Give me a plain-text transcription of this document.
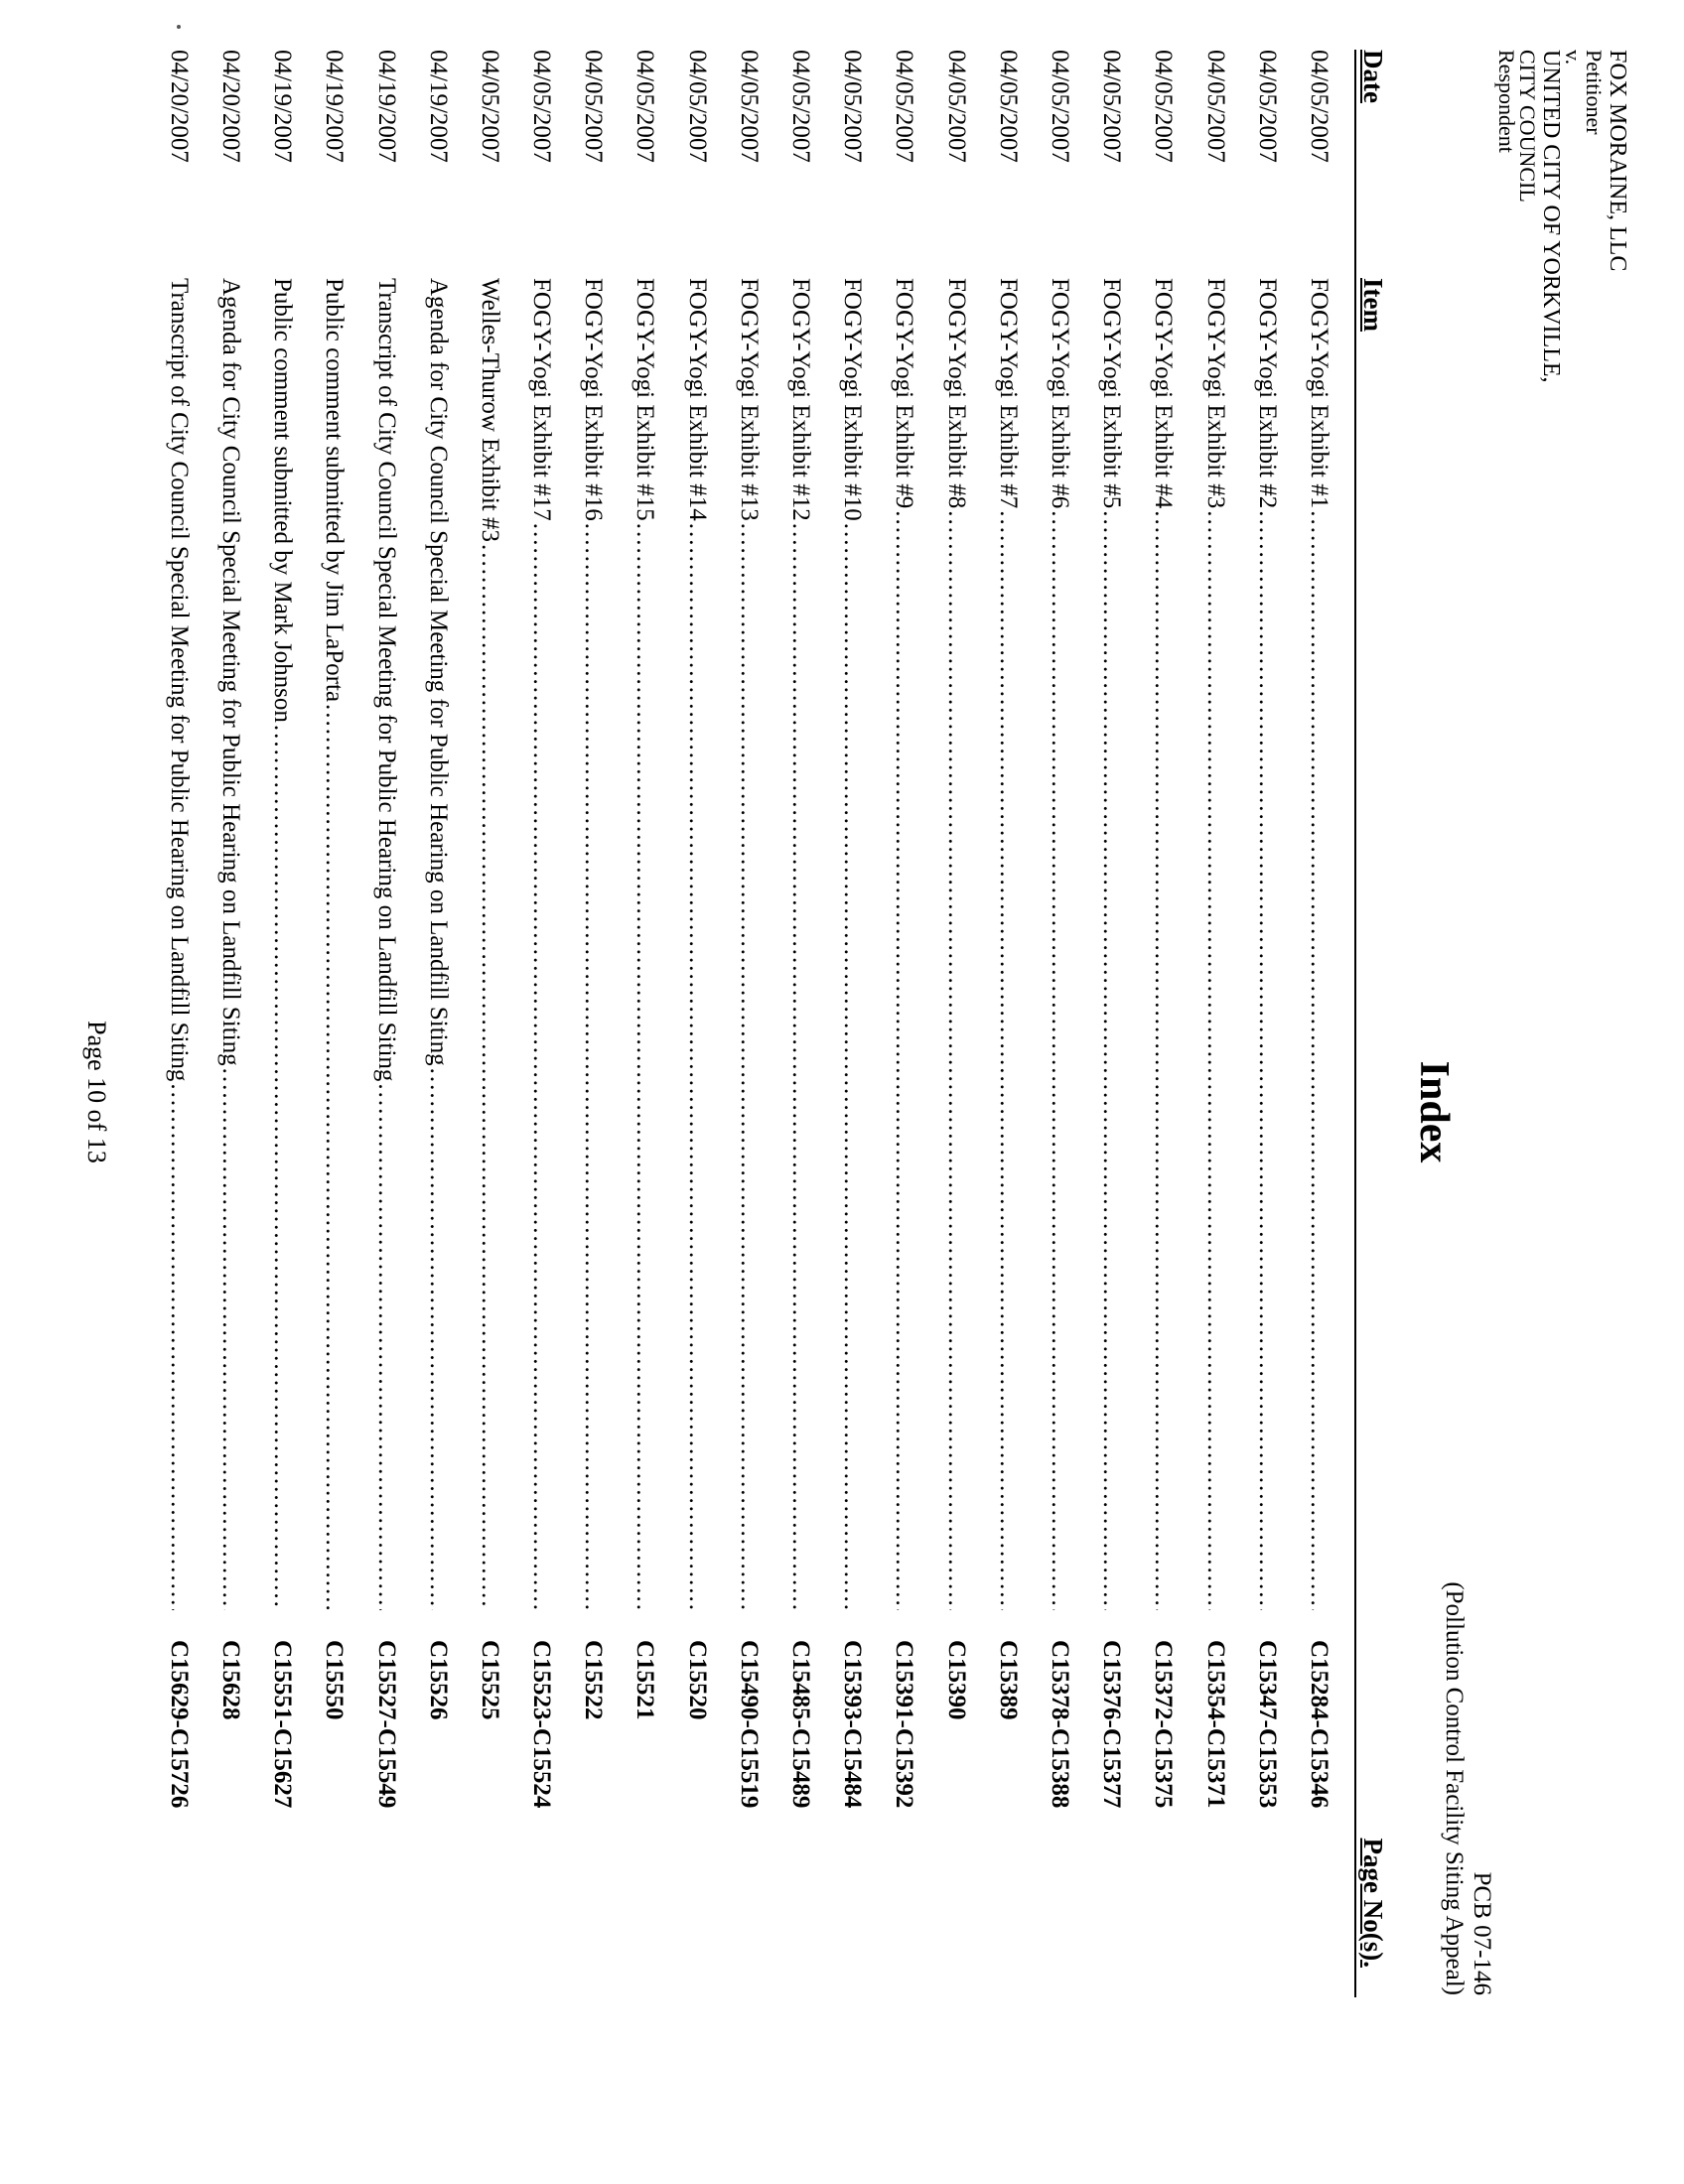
FOX MORAINE, LLC
Petitioner
v.
UNITED CITY OF YORKVILLE,
CITY COUNCIL
Respondent
PCB 07-146
(Pollution Control Facility Siting Appeal)
Index
Date
Item
Page No(s).
04/05/2007
FOGY-Yogi Exhibit #1
.....
C15284-C15346
04/05/2007
FOGY-Yogi Exhibit #2
.....
C15347-C15353
04/05/2007
FOGY-Yogi Exhibit #3
.....
C15354-C15371
04/05/2007
FOGY-Yogi Exhibit #4
.....
C15372-C15375
04/05/2007
FOGY-Yogi Exhibit #5
.....
C15376-C15377
04/05/2007
FOGY-Yogi Exhibit #6
.....
C15378-C15388
04/05/2007
FOGY-Yogi Exhibit #7
.....
C15389
04/05/2007
FOGY-Yogi Exhibit #8
.....
C15390
04/05/2007
FOGY-Yogi Exhibit #9
.....
C15391-C15392
04/05/2007
FOGY-Yogi Exhibit #10
.....
C15393-C15484
04/05/2007
FOGY-Yogi Exhibit #12
.....
C15485-C15489
04/05/2007
FOGY-Yogi Exhibit #13
.....
C15490-C15519
04/05/2007
FOGY-Yogi Exhibit #14
.....
C15520
04/05/2007
FOGY-Yogi Exhibit #15
.....
C15521
04/05/2007
FOGY-Yogi Exhibit #16
.....
C15522
04/05/2007
FOGY-Yogi Exhibit #17
.....
C15523-C15524
04/05/2007
Welles-Thurow Exhibit #3
.....
C15525
04/19/2007
Agenda for City Council Special Meeting for Public Hearing on Landfill Siting
.....
C15526
04/19/2007
Transcript of City Council Special Meeting for Public Hearing on Landfill Siting
.....
C15527-C15549
04/19/2007
Public comment submitted by Jim LaPorta
.....
C15550
04/19/2007
Public comment submitted by Mark Johnson
.....
C15551-C15627
04/20/2007
Agenda for City Council Special Meeting for Public Hearing on Landfill Siting
.....
C15628
04/20/2007
Transcript of City Council Special Meeting for Public Hearing on Landfill Siting
.....
C15629-C15726
Page 10 of 13
